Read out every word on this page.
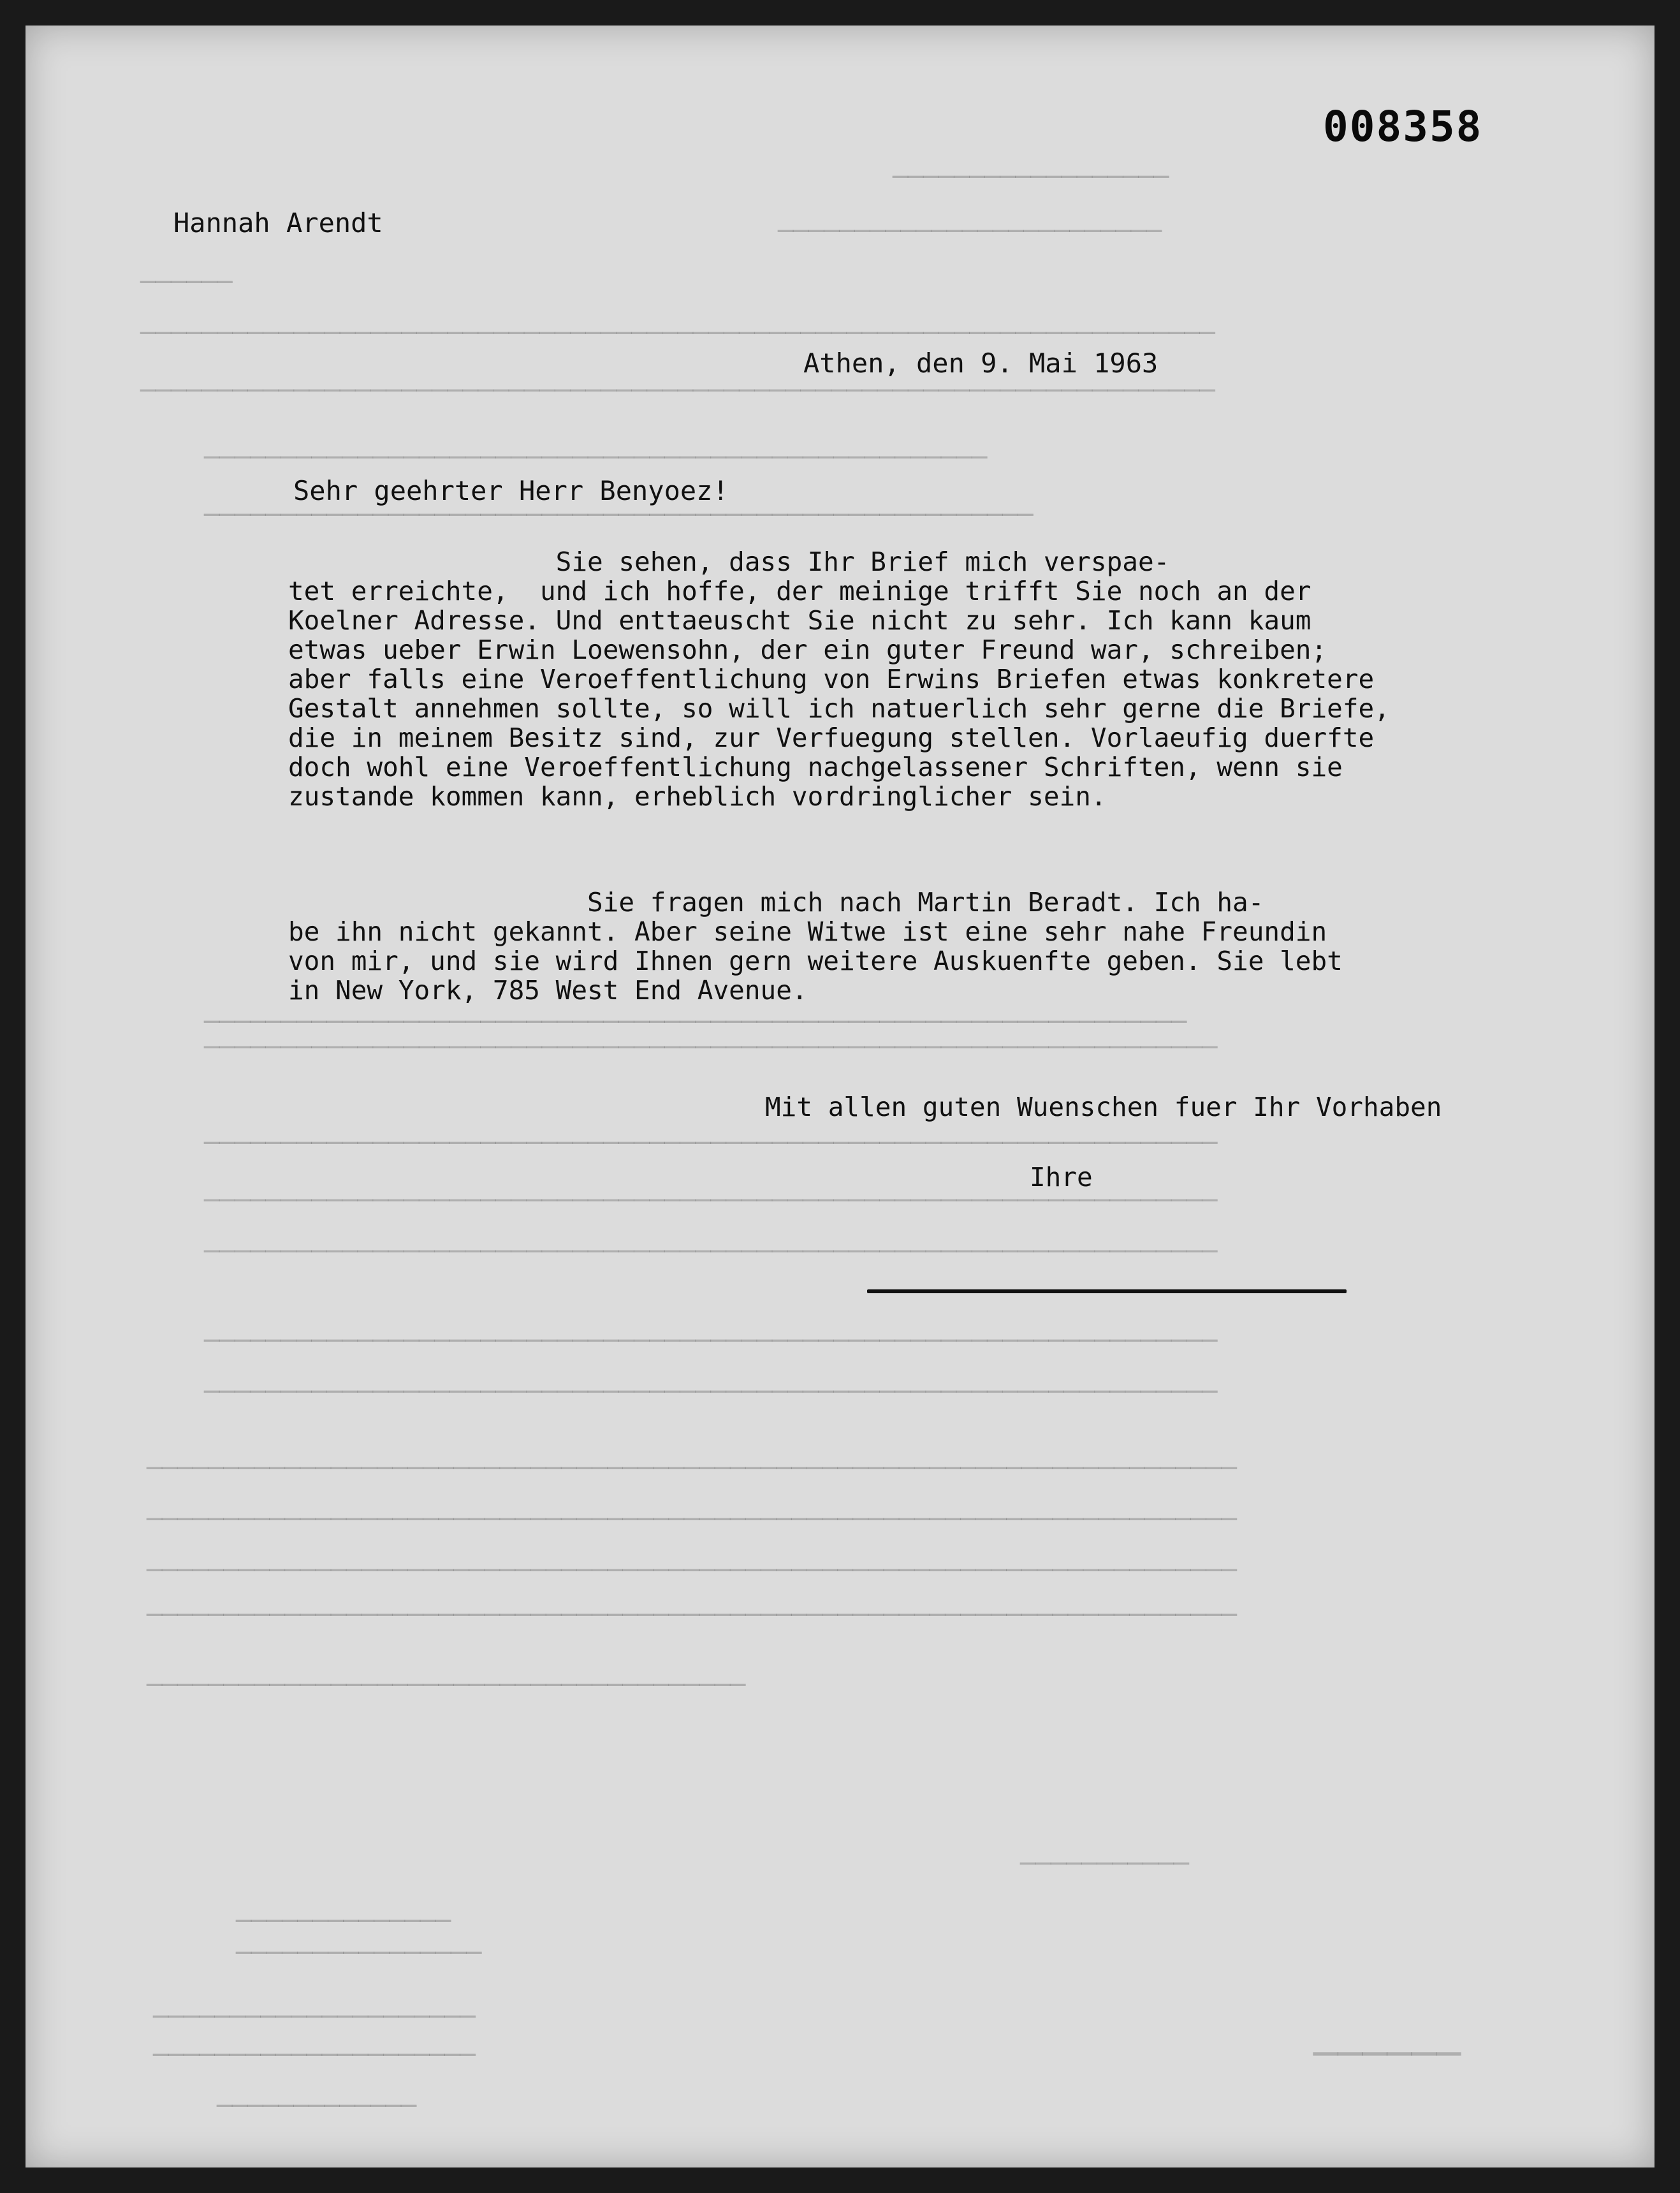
──────────────────
─────────────────────────
──────
──────────────────────────────────────────────────────────────────────
──────────────────────────────────────────────────────────────────────
───────────────────────────────────────────────────
──────────────────────────────────────────────────────
────────────────────────────────────────────────────────────────
──────────────────────────────────────────────────────────────────
──────────────────────────────────────────────────────────────────
──────────────────────────────────────────────────────────────────
──────────────────────────────────────────────────────────────────
──────────────────────────────────────────────────────────────────
──────────────────────────────────────────────────────────────────
───────────────────────────────────────────────────────────────────────
───────────────────────────────────────────────────────────────────────
───────────────────────────────────────────────────────────────────────
───────────────────────────────────────────────────────────────────────
───────────────────────────────────────
───────────
──────────────
────────────────
─────────────────────
─────────────────────
─────────────
──────
008358
Hannah Arendt
Athen, den 9. Mai 1963
Sehr geehrter Herr Benyoez!
Sie sehen, dass Ihr Brief mich verspae-
tet erreichte,  und ich hoffe, der meinige trifft Sie noch an der
Koelner Adresse. Und enttaeuscht Sie nicht zu sehr. Ich kann kaum
etwas ueber Erwin Loewensohn, der ein guter Freund war, schreiben;
aber falls eine Veroeffentlichung von Erwins Briefen etwas konkretere
Gestalt annehmen sollte, so will ich natuerlich sehr gerne die Briefe,
die in meinem Besitz sind, zur Verfuegung stellen. Vorlaeufig duerfte
doch wohl eine Veroeffentlichung nachgelassener Schriften, wenn sie
zustande kommen kann, erheblich vordringlicher sein.
Sie fragen mich nach Martin Beradt. Ich ha-
be ihn nicht gekannt. Aber seine Witwe ist eine sehr nahe Freundin
von mir, und sie wird Ihnen gern weitere Auskuenfte geben. Sie lebt
in New York, 785 West End Avenue.
Mit allen guten Wuenschen fuer Ihr Vorhaben
Ihre
